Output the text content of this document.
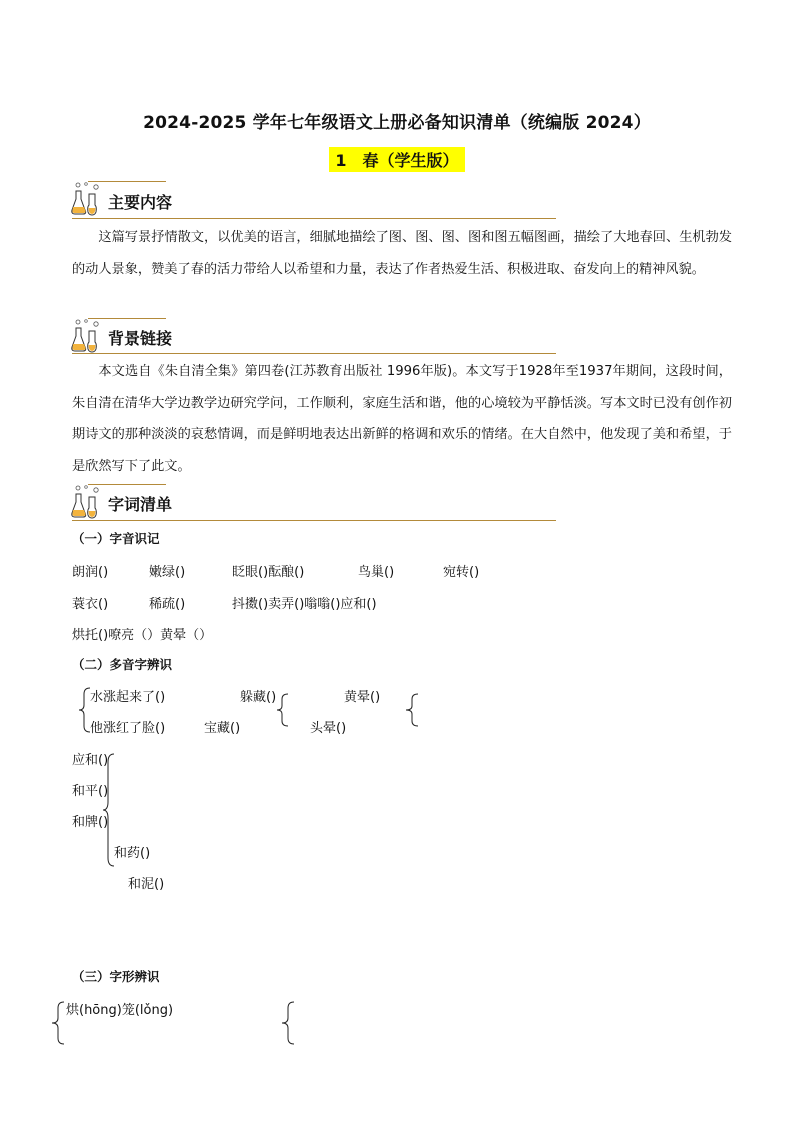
2024-2025 学年七年级语文上册必备知识清单（统编版 2024）
1　春（学生版）
主要内容

这篇写景抒情散文，以优美的语言，细腻地描绘了图、图、图、图和图五幅图画，描绘了大地春回、生机勃发的动人景象，赞美了春的活力带给人以希望和力量，表达了作者热爱生活、积极进取、奋发向上的精神风貌。

背景链接

本文选自《朱自清全集》第四卷(江苏教育出版社 1996年版)。本文写于1928年至1937年期间，这段时间，朱自清在清华大学边教学边研究学问，工作顺利，家庭生活和谐，他的心境较为平静恬淡。写本文时已没有创作初期诗文的那种淡淡的哀愁情调，而是鲜明地表达出新鲜的格调和欢乐的情绪。在大自然中，他发现了美和希望，于是欣然写下了此文。

字词清单
（一）字音识记
朗润()	嫩绿()	眨眼()酝酿()	鸟巢()	宛转()
蓑衣()	稀疏()	抖擞()卖弄()嗡嗡()应和()
烘托()嘹亮（）黄晕（）
（二）多音字辨识
水涨起来了()
他涨红了脸()
躲藏()
宝藏()
黄晕()
头晕()
应和()
和平()
和牌()
和药()
和泥()
（三）字形辨识
烘(hōng)笼(lǒng)
